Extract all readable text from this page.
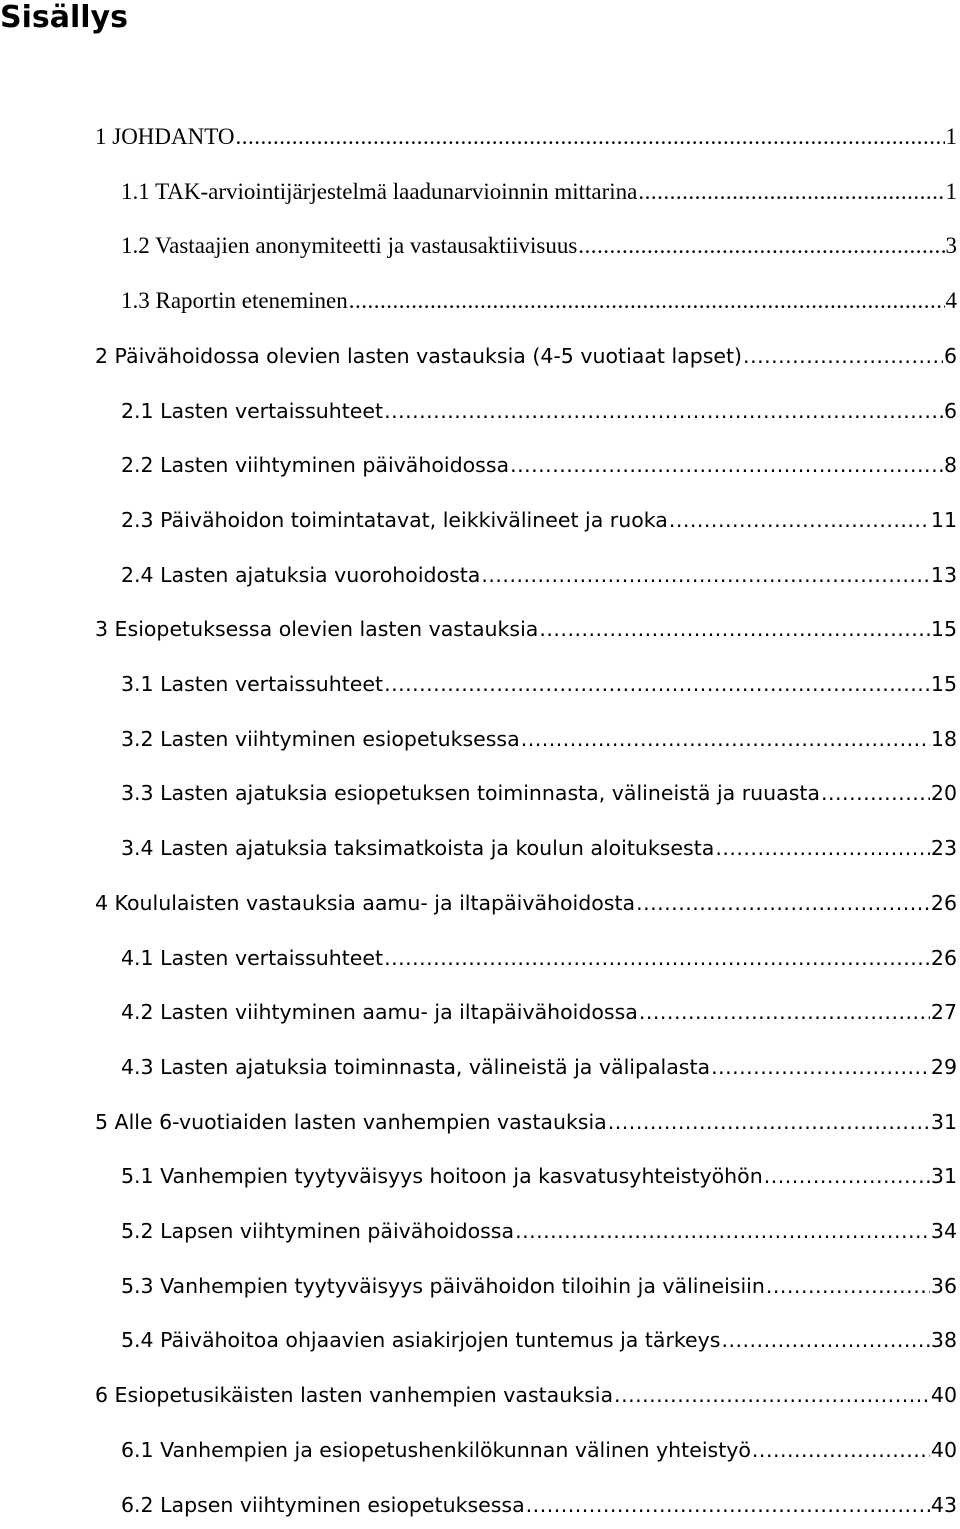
Sisällys
1 JOHDANTO .....	1
1.1 TAK-arviointijärjestelmä laadunarvioinnin mittarina .....	1
1.2 Vastaajien anonymiteetti ja vastausaktiivisuus .....	3
1.3 Raportin eteneminen .....	4
2 Päivähoidossa olevien lasten vastauksia (4-5 vuotiaat lapset) .....	6
2.1 Lasten vertaissuhteet .....	6
2.2 Lasten viihtyminen päivähoidossa .....	8
2.3 Päivähoidon toimintatavat, leikkivälineet ja ruoka .....	11
2.4 Lasten ajatuksia vuorohoidosta .....	13
3 Esiopetuksessa olevien lasten vastauksia .....	15
3.1 Lasten vertaissuhteet .....	15
3.2 Lasten viihtyminen esiopetuksessa .....	18
3.3 Lasten ajatuksia esiopetuksen toiminnasta, välineistä ja ruuasta .....	20
3.4 Lasten ajatuksia taksimatkoista ja koulun aloituksesta .....	23
4 Koululaisten vastauksia aamu- ja iltapäivähoidosta .....	26
4.1 Lasten vertaissuhteet .....	26
4.2 Lasten viihtyminen aamu- ja iltapäivähoidossa .....	27
4.3 Lasten ajatuksia toiminnasta, välineistä ja välipalasta .....	29
5 Alle 6-vuotiaiden lasten vanhempien vastauksia .....	31
5.1 Vanhempien tyytyväisyys hoitoon ja kasvatusyhteistyöhön .....	31
5.2 Lapsen viihtyminen päivähoidossa .....	34
5.3 Vanhempien tyytyväisyys päivähoidon tiloihin ja välineisiin .....	36
5.4 Päivähoitoa ohjaavien asiakirjojen tuntemus ja tärkeys .....	38
6 Esiopetusikäisten lasten vanhempien vastauksia .....	40
6.1 Vanhempien ja esiopetushenkilökunnan välinen yhteistyö .....	40
6.2 Lapsen viihtyminen esiopetuksessa .....	43
